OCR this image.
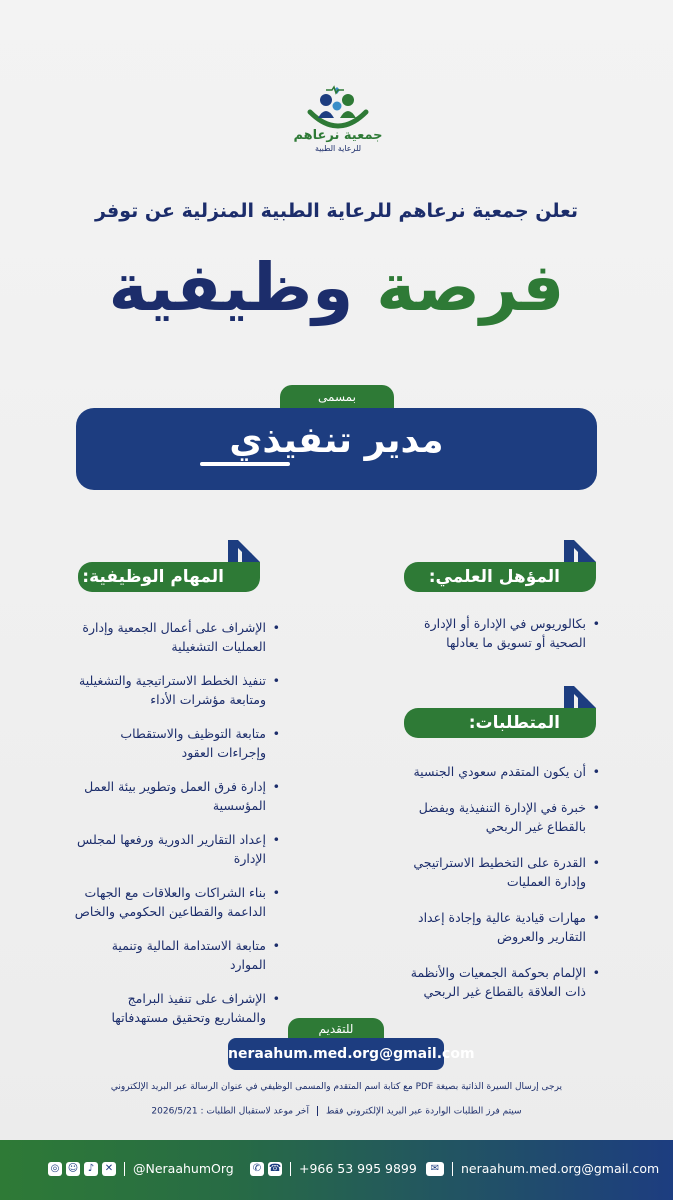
جمعية نرعاهم
للرعاية الطبية
تعلن جمعية نرعاهم للرعاية الطبية المنزلية عن توفر
فرصة وظيفية
بمسمى
مدير تنفيذي
المهام الوظيفية:	المؤهل العلمي:
المتطلبات:
• بكالوريوس في الإدارة أو الإدارة الصحية أو تسويق ما يعادلها
• أن يكون المتقدم سعودي الجنسية
• خبرة في الإدارة التنفيذية ويفضل بالقطاع غير الربحي
• القدرة على التخطيط الاستراتيجي وإدارة العمليات
• مهارات قيادية عالية وإجادة إعداد التقارير والعروض
• الإلمام بحوكمة الجمعيات والأنظمة ذات العلاقة بالقطاع غير الربحي
• الإشراف على أعمال الجمعية وإدارة العمليات التشغيلية
• تنفيذ الخطط الاستراتيجية والتشغيلية ومتابعة مؤشرات الأداء
• متابعة التوظيف والاستقطاب وإجراءات العقود
• إدارة فرق العمل وتطوير بيئة العمل المؤسسية
• إعداد التقارير الدورية ورفعها لمجلس الإدارة
• بناء الشراكات والعلاقات مع الجهات الداعمة والقطاعين الحكومي والخاص
• متابعة الاستدامة المالية وتنمية الموارد
• الإشراف على تنفيذ البرامج والمشاريع وتحقيق مستهدفاتها
للتقديم
neraahum.med.org@gmail.com
يرجى إرسال السيرة الذاتية بصيغة PDF مع كتابة اسم المتقدم والمسمى الوظيفي في عنوان الرسالة عبر البريد الإلكتروني
سيتم فرز الطلبات الواردة عبر البريد الإلكتروني فقطآخر موعد لاستقبال الطلبات : 2026/5/21
◎ ☺ ♪	✕ @NeraahumOrg ✆ ☎ +966 53 995 9899	✉	neraahum.med.org@gmail.com
